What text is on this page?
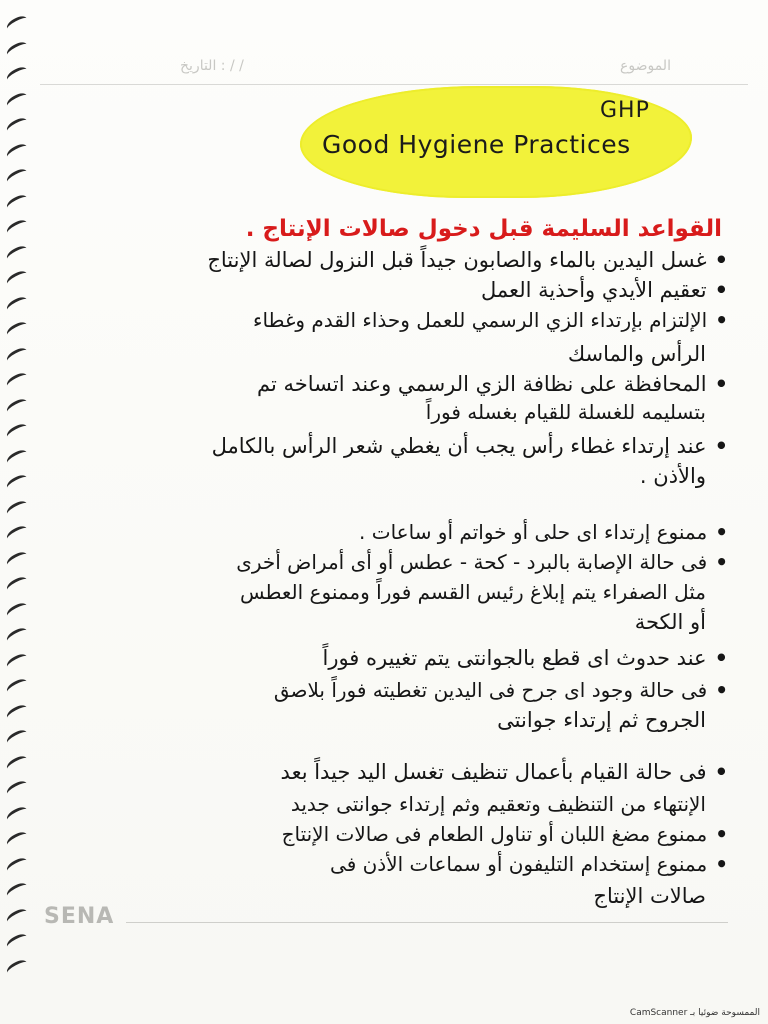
الموضوع
التاريخ : / /
GHP
Good Hygiene Practices
القواعد السليمة قبل دخول صالات الإنتاج .
•غسل اليدين بالماء والصابون جيداً قبل النزول لصالة الإنتاج
•تعقيم الأيدي وأحذية العمل
•الإلتزام بإرتداء الزي الرسمي للعمل وحذاء القدم وغطاء
الرأس والماسك
•المحافظة على نظافة الزي الرسمي وعند اتساخه تم
بتسليمه للغسلة للقيام بغسله فوراً
•عند إرتداء غطاء رأس يجب أن يغطي شعر الرأس بالكامل
والأذن .
•ممنوع إرتداء اى حلى أو خواتم أو ساعات .
•فى حالة الإصابة بالبرد - كحة - عطس أو أى أمراض أخرى
مثل الصفراء يتم إبلاغ رئيس القسم فوراً وممنوع العطس
أو الكحة
•عند حدوث اى قطع بالجوانتى يتم تغييره فوراً
•فى حالة وجود اى جرح فى اليدين تغطيته فوراً بلاصق
الجروح ثم إرتداء جوانتى
•فى حالة القيام بأعمال تنظيف تغسل اليد جيداً بعد
الإنتهاء من التنظيف وتعقيم وثم إرتداء جوانتى جديد
•ممنوع مضغ اللبان أو تناول الطعام فى صالات الإنتاج
•ممنوع إستخدام التليفون أو سماعات الأذن فى
صالات الإنتاج
SENA
الممسوحة ضوئيا بـ CamScanner
